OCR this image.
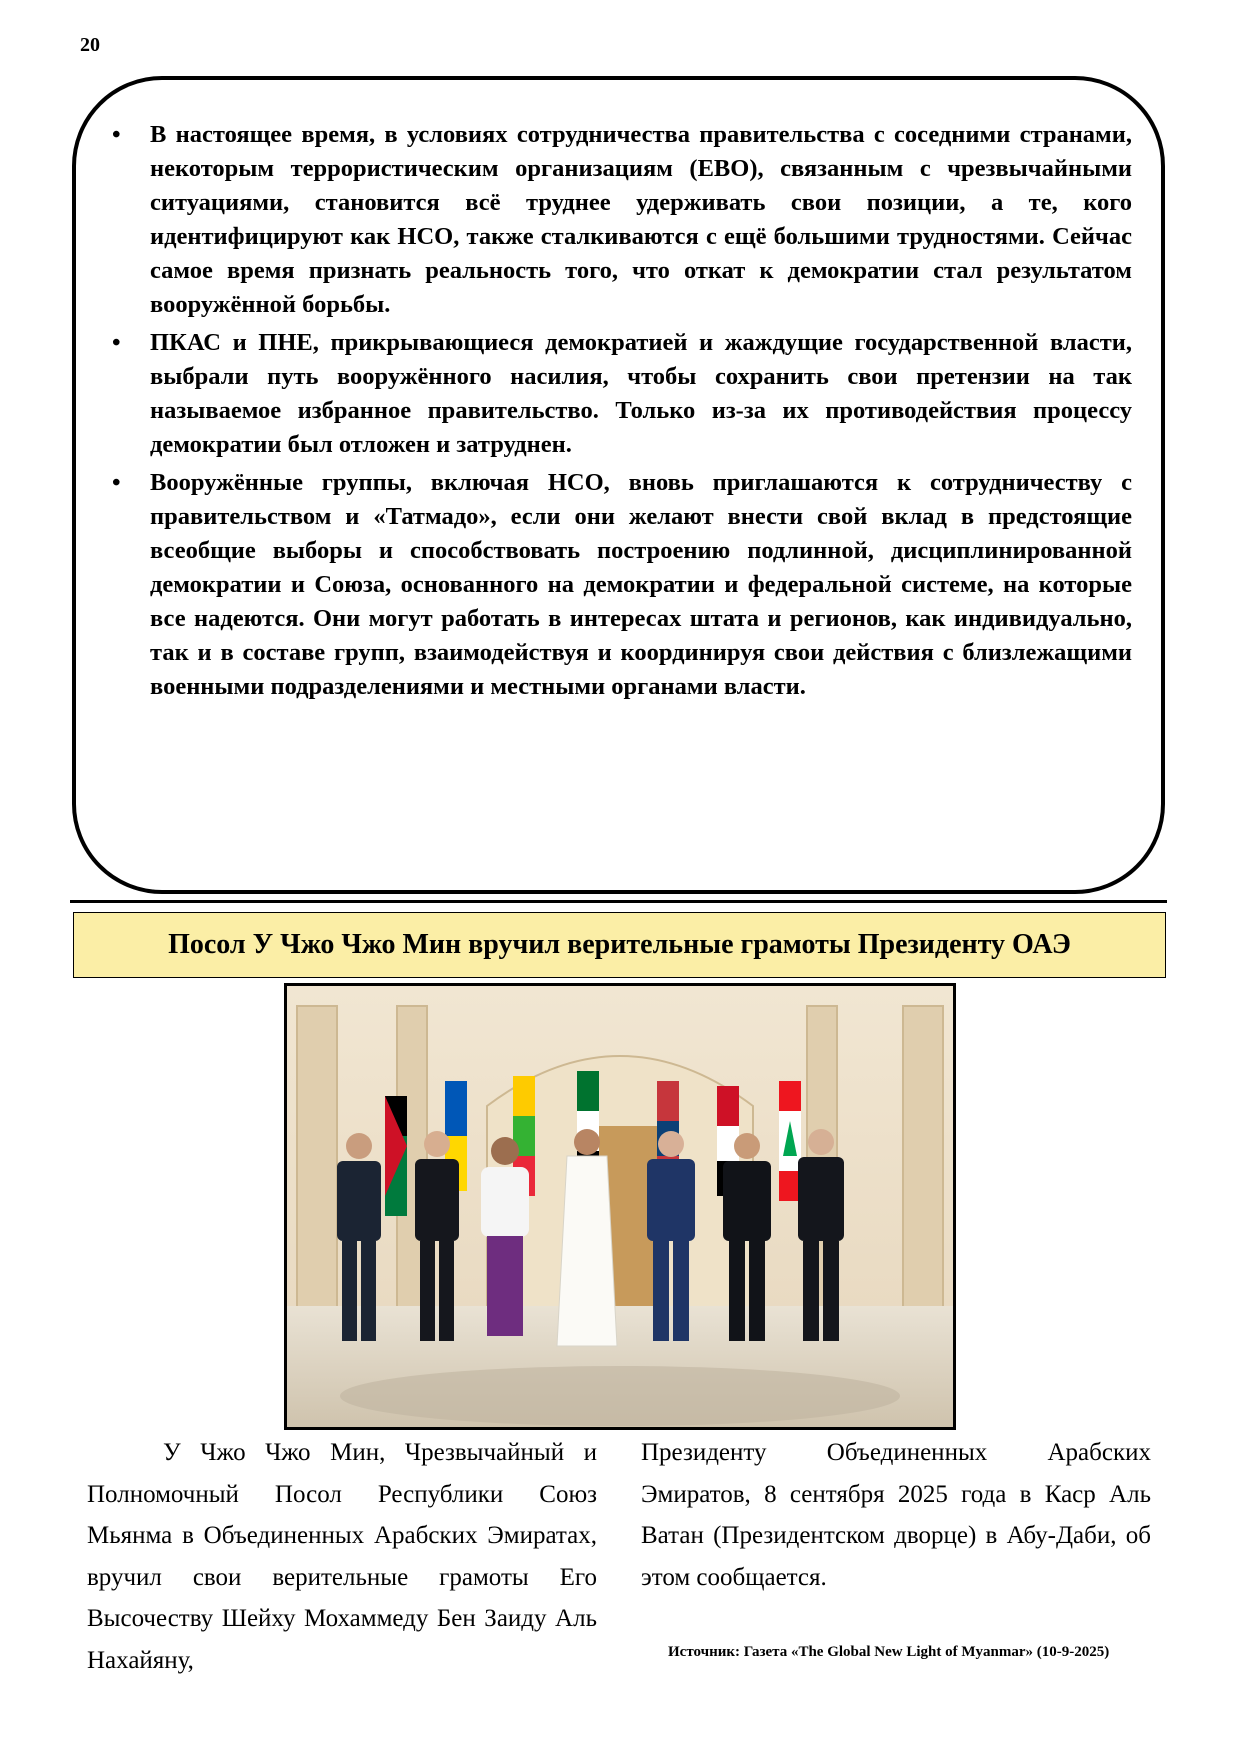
20
• В настоящее время, в условиях сотрудничества правительства с соседними странами, некоторым террористическим организациям (ЕВО), связанным с чрезвычайными ситуациями, становится всё труднее удерживать свои позиции, а те, кого идентифицируют как НСО, также сталкиваются с ещё большими трудностями. Сейчас самое время признать реальность того, что откат к демократии стал результатом вооружённой борьбы.
• ПКАС и ПНЕ, прикрывающиеся демократией и жаждущие государственной власти, выбрали путь вооружённого насилия, чтобы сохранить свои претензии на так называемое избранное правительство. Только из-за их противодействия процессу демократии был отложен и затруднен.
• Вооружённые группы, включая НСО, вновь приглашаются к сотрудничеству с правительством и «Татмадо», если они желают внести свой вклад в предстоящие всеобщие выборы и способствовать построению подлинной, дисциплинированной демократии и Союза, основанного на демократии и федеральной системе, на которые все надеются. Они могут работать в интересах штата и регионов, как индивидуально, так и в составе групп, взаимодействуя и координируя свои действия с близлежащими военными подразделениями и местными органами власти.
Посол У Чжо Чжо Мин вручил верительные грамоты Президенту ОАЭ

У Чжо Чжо Мин, Чрезвычайный и Полномочный Посол Республики Союз Мьянма в Объединенных Арабских Эмиратах, вручил свои верительные грамоты Его Высочеству Шейху Мохаммеду Бен Заиду Аль Нахайяну,

Президенту Объединенных Арабских Эмиратов, 8 сентября 2025 года в Каср Аль Ватан (Президентском дворце) в Абу-Даби, об этом сообщается.

Источник: Газета «The Global New Light of Myanmar» (10-9-2025)
